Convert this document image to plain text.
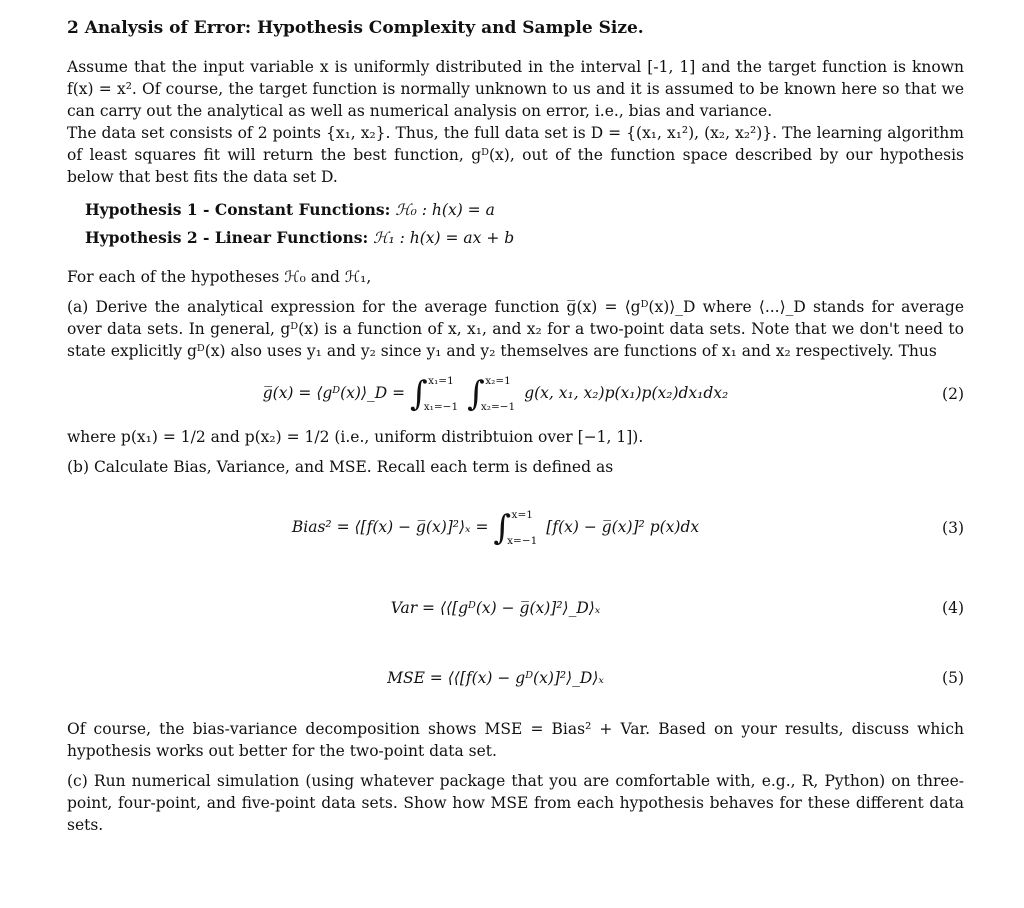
2 Analysis of Error: Hypothesis Complexity and Sample Size.

Assume that the input variable x is uniformly distributed in the interval [-1, 1] and the target function is known f(x) = x². Of course, the target function is normally unknown to us and it is assumed to be known here so that we can carry out the analytical as well as numerical analysis on error, i.e., bias and variance.

The data set consists of 2 points {x₁, x₂}. Thus, the full data set is D = {(x₁, x₁²), (x₂, x₂²)}. The learning algorithm of least squares fit will return the best function, gᴰ(x), out of the function space described by our hypothesis below that best fits the data set D.

Hypothesis 1 - Constant Functions: ℋ₀ : h(x) = a
Hypothesis 2 - Linear Functions: ℋ₁ : h(x) = ax + b

For each of the hypotheses ℋ₀ and ℋ₁,

(a) Derive the analytical expression for the average function g̅(x) = ⟨gᴰ(x)⟩_D where ⟨...⟩_D stands for average over data sets. In general, gᴰ(x) is a function of x, x₁, and x₂ for a two-point data sets. Note that we don't need to state explicitly gᴰ(x) also uses y₁ and y₂ since y₁ and y₂ themselves are functions of x₁ and x₂ respectively. Thus

g̅(x) = ⟨gᴰ(x)⟩_D = ∫ x₁=1
x₁=−1 ∫ x₂=1
x₂=−1
g(x, x₁, x₂)p(x₁)p(x₂)dx₁dx₂	(2)

where p(x₁) = 1/2 and p(x₂) = 1/2 (i.e., uniform distribtuion over [−1, 1]).

(b) Calculate Bias, Variance, and MSE. Recall each term is defined as

Bias² = ⟨[f(x) − g̅(x)]²⟩ₓ = ∫ x=1
x=−1
[f(x) − g̅(x)]² p(x)dx	(3)
Var = ⟨⟨[gᴰ(x) − g̅(x)]²⟩_D⟩ₓ	(4)
MSE = ⟨⟨[f(x) − gᴰ(x)]²⟩_D⟩ₓ	(5)

Of course, the bias-variance decomposition shows MSE = Bias² + Var. Based on your results, discuss which hypothesis works out better for the two-point data set.

(c) Run numerical simulation (using whatever package that you are comfortable with, e.g., R, Python) on three-point, four-point, and five-point data sets. Show how MSE from each hypothesis behaves for these different data sets.
